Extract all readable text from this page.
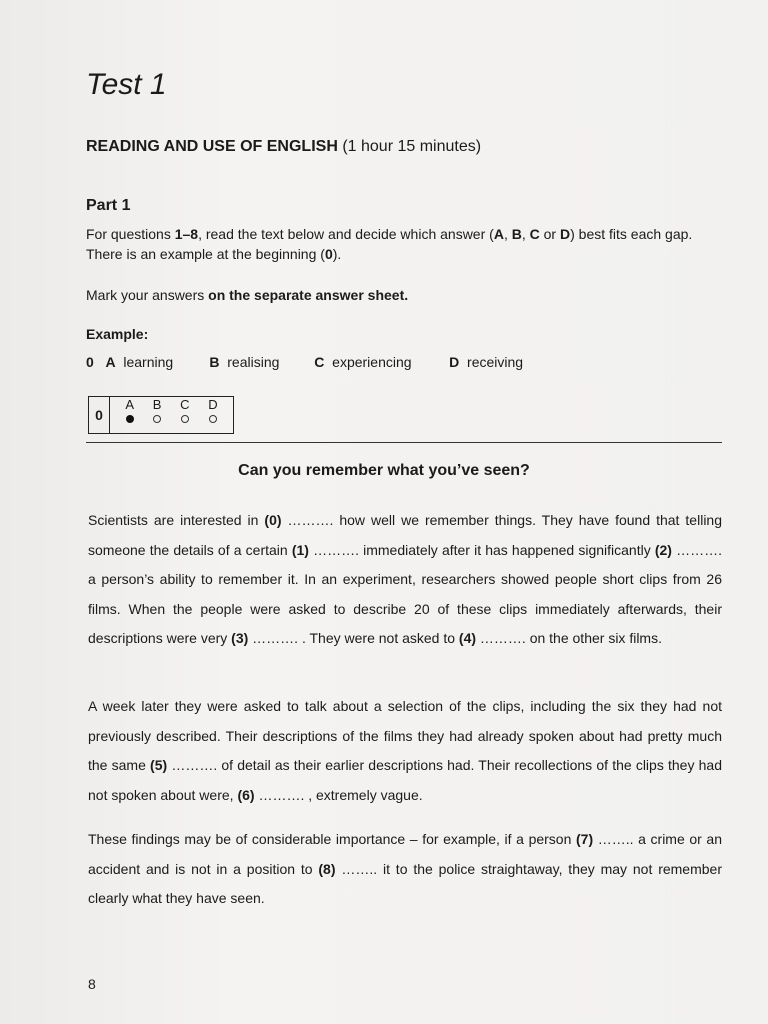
Test 1
READING AND USE OF ENGLISH (1 hour 15 minutes)
Part 1
For questions 1–8, read the text below and decide which answer (A, B, C or D) best fits each gap.
There is an example at the beginning (0).
Mark your answers on the separate answer sheet.
Example:
0 A learning	B realising C experiencing	D receiving
0
A B C D
Can you remember what you’ve seen?
Scientists are interested in (0) ………. how well we remember things. They have found that telling someone the details of a certain (1) ………. immediately after it has happened significantly (2) ………. a person’s ability to remember it. In an experiment, researchers showed people short clips from 26 films. When the people were asked to describe 20 of these clips immediately afterwards, their descriptions were very (3) ………. . They were not asked to (4) ………. on the other six films.
A week later they were asked to talk about a selection of the clips, including the six they had not previously described. Their descriptions of the films they had already spoken about had pretty much the same (5) ………. of detail as their earlier descriptions had. Their recollections of the clips they had not spoken about were, (6) ………. , extremely vague.
These findings may be of considerable importance – for example, if a person (7) …….. a crime or an accident and is not in a position to (8) …….. it to the police straightaway, they may not remember clearly what they have seen.
8
